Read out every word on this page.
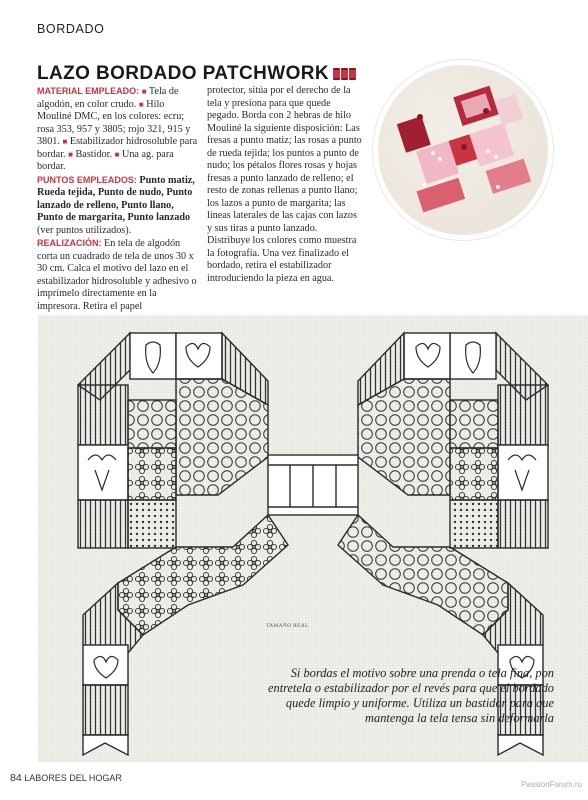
BORDADO
LAZO BORDADO PATCHWORK

MATERIAL EMPLEADO: ■ Tela de algodón, en color crudo. ■ Hilo Mouliné DMC, en los colores: ecru; rosa 353, 957 y 3805; rojo 321, 915 y 3801. ■ Estabilizador hidrosoluble para bordar. ■ Bastidor. ■ Una ag. para bordar.

PUNTOS EMPLEADOS: Punto matiz, Rueda tejida, Punto de nudo, Punto lanzado de relleno, Punto llano, Punto de margarita, Punto lanzado (ver puntos utilizados).

REALIZACIÓN: En tela de algodón corta un cuadrado de tela de unos 30 x 30 cm. Calca el motivo del lazo en el estabilizador hidrosoluble y adhesivo o imprímelo directamente en la impresora. Retira el papel

protector, sitúa por el derecho de la tela y presiona para que quede pegado. Borda con 2 hebras de hilo Mouliné la siguiente disposición: Las fresas a punto matiz; las rosas a punto de rueda tejida; los puntos a punto de nudo; los pétalos flores rosas y hojas fresas a punto lanzado de relleno; el resto de zonas rellenas a punto llano; los lazos a punto de margarita; las líneas laterales de las cajas con lazos y sus tiras a punto lanzado. Distribuye los colores como muestra la fotografía. Una vez finalizado el bordado, retira el estabilizador introduciendo la pieza en agua.

TAMAÑO REAL
Si bordas el motivo sobre una prenda o tela fina, pon entretela o estabilizador por el revés para que el bordado quede limpio y uniforme. Utiliza un bastidor para que mantenga la tela tensa sin deformarla
84 LABORES DEL HOGAR
PassionForum.ru
